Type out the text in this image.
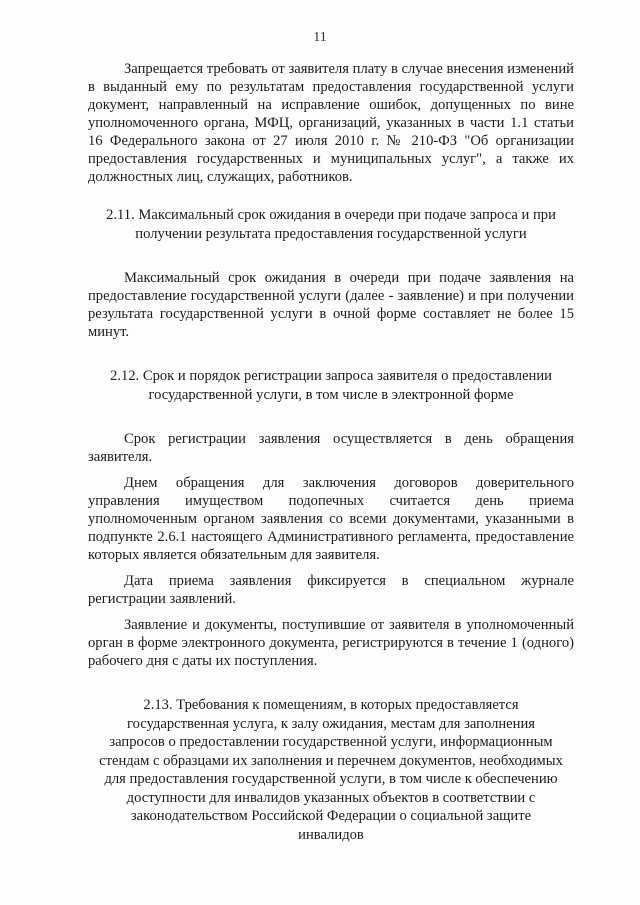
11

Запрещается требовать от заявителя плату в случае внесения изменений в выданный ему по результатам предоставления государственной услуги документ, направленный на исправление ошибок, допущенных по вине уполномоченного органа, МФЦ, организаций, указанных в части 1.1 статьи 16 Федерального закона от 27 июля 2010 г. № 210-ФЗ "Об организации предоставления государственных и муниципальных услуг", а также их должностных лиц, служащих, работников.

2.11. Максимальный срок ожидания в очереди при подаче запроса и при получении результата предоставления государственной услуги

Максимальный срок ожидания в очереди при подаче заявления на предоставление государственной услуги (далее - заявление) и при получении результата государственной услуги в очной форме составляет не более 15 минут.

2.12. Срок и порядок регистрации запроса заявителя о предоставлении государственной услуги, в том числе в электронной форме

Срок регистрации заявления осуществляется в день обращения заявителя.

Днем обращения для заключения договоров доверительного управления имуществом подопечных считается день приема уполномоченным органом заявления со всеми документами, указанными в подпункте 2.6.1 настоящего Административного регламента, предоставление которых является обязательным для заявителя.

Дата приема заявления фиксируется в специальном журнале регистрации заявлений.

Заявление и документы, поступившие от заявителя в уполномоченный орган в форме электронного документа, регистрируются в течение 1 (одного) рабочего дня с даты их поступления.

2.13. Требования к помещениям, в которых предоставляется государственная услуга, к залу ожидания, местам для заполнения запросов о предоставлении государственной услуги, информационным стендам с образцами их заполнения и перечнем документов, необходимых для предоставления государственной услуги, в том числе к обеспечению доступности для инвалидов указанных объектов в соответствии с законодательством Российской Федерации о социальной защите инвалидов
